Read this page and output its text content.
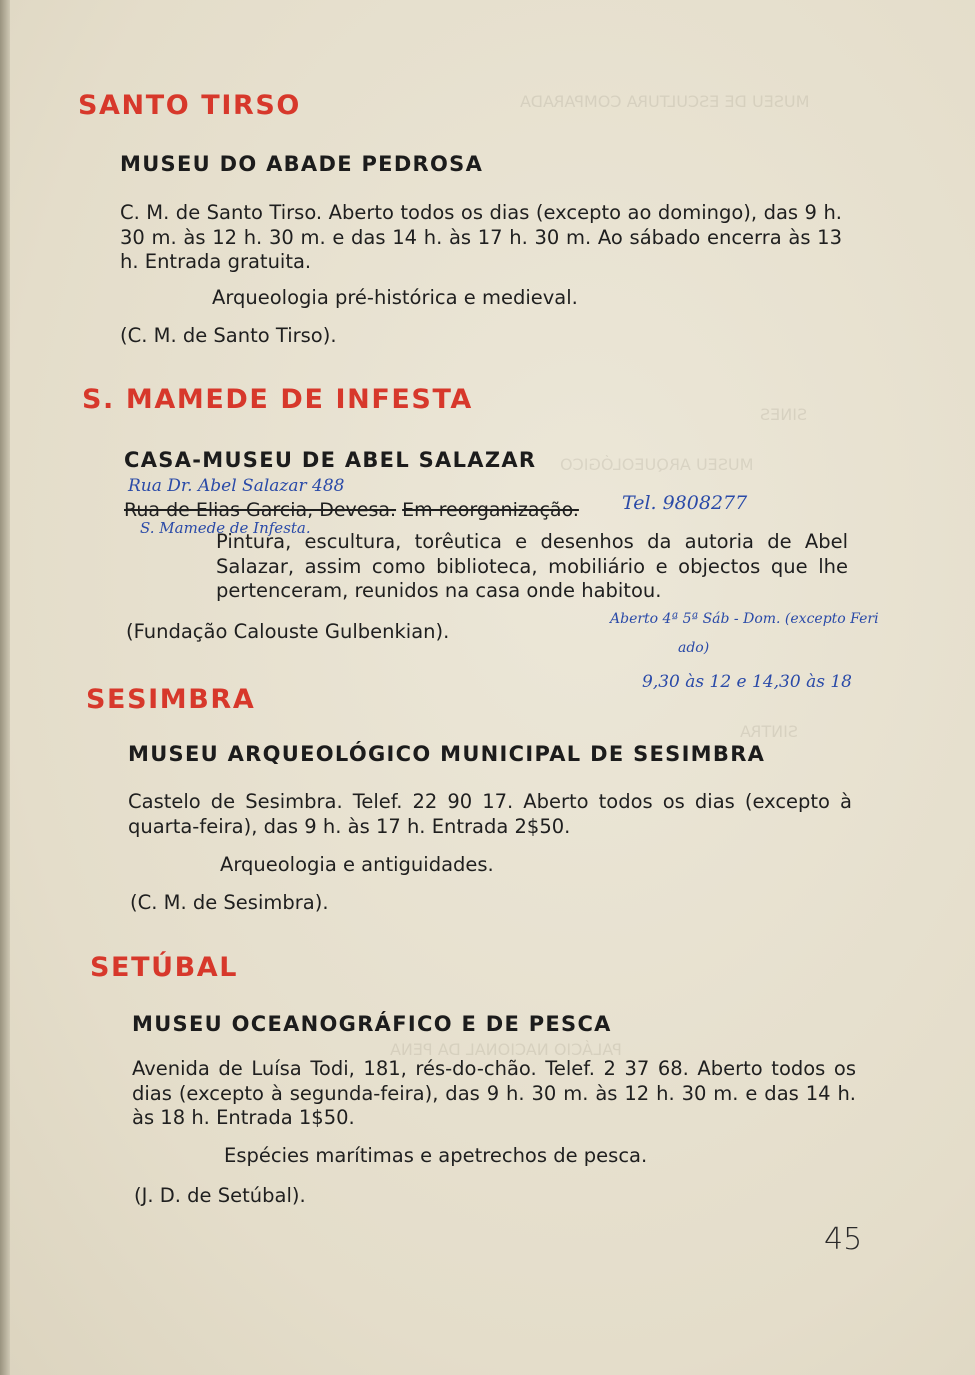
MUSEU DE ESCULTURA COMPARADA
SINES
MUSEU ARQUEOLÓGICO
SINTRA
PALÁCIO NACIONAL DA PENA
SANTO TIRSO
MUSEU DO ABADE PEDROSA

C. M. de Santo Tirso. Aberto todos os dias (excepto ao domingo), das 9 h. 30 m. às 12 h. 30 m. e das 14 h. às 17 h. 30 m. Ao sábado encerra às 13 h. Entrada gratuita.

Arqueologia pré-histórica e medieval.

(C. M. de Santo Tirso).

S. MAMEDE DE INFESTA
CASA-MUSEU DE ABEL SALAZAR

Rua Dr. Abel Salazar 488

Rua de Elias Garcia, Devesa. Em reorganização. Tel. 9808277

S. Mamede de Infesta.

Pintura, escultura, torêutica e desenhos da autoria de Abel Salazar, assim como biblioteca, mobiliário e objectos que lhe pertenceram, reunidos na casa onde habitou.

(Fundação Calouste Gulbenkian).

Aberto 4ª 5ª Sáb - Dom. (excepto Feri

ado)

9,30 às 12 e 14,30 às 18

SESIMBRA
MUSEU ARQUEOLÓGICO MUNICIPAL DE SESIMBRA

Castelo de Sesimbra. Telef. 22 90 17. Aberto todos os dias (excepto à quarta-feira), das 9 h. às 17 h. Entrada 2$50.

Arqueologia e antiguidades.

(C. M. de Sesimbra).

SETÚBAL
MUSEU OCEANOGRÁFICO E DE PESCA

Avenida de Luísa Todi, 181, rés-do-chão. Telef. 2 37 68. Aberto todos os dias (excepto à segunda-feira), das 9 h. 30 m. às 12 h. 30 m. e das 14 h. às 18 h. Entrada 1$50.

Espécies marítimas e apetrechos de pesca.

(J. D. de Setúbal).

45
